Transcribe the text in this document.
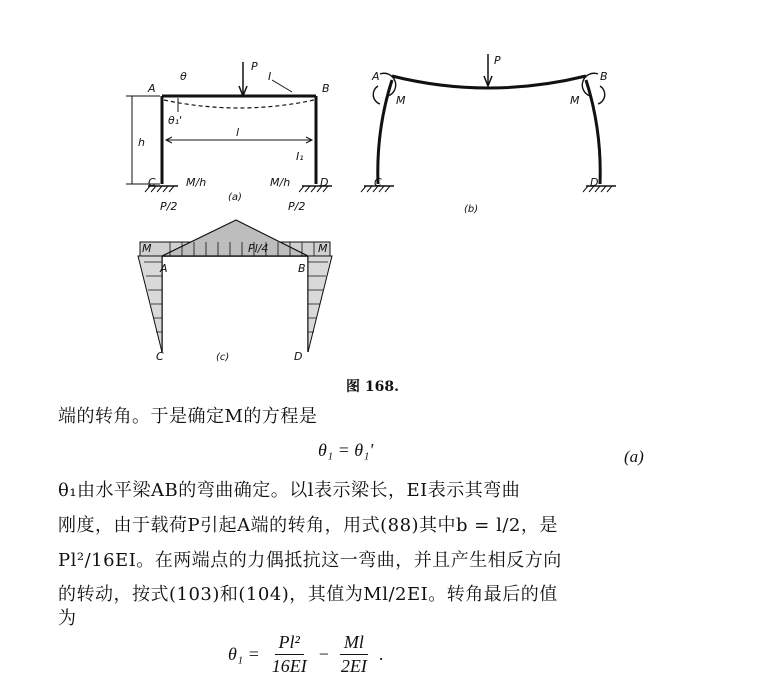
A	B
C	D
P
I
I₁
h
l
θ
θ₁'
M/h	M/h
P/2	P/2
(a)
A	B
C	D
P
M	M
(b)
M	M
A	B
C	D
Pl/4
(c)
图 168.
端的转角。于是确定M的方程是
θ₁ = θ₁'	(a)
θ₁由水平梁AB的弯曲确定。以l表示梁长，EI表示其弯曲
刚度，由于载荷P引起A端的转角，用式(88)其中b = l/2，是
Pl²/16EI。在两端点的力偶抵抗这一弯曲，并且产生相反方向
的转动，按式(103)和(104)，其值为Ml/2EI。转角最后的值
为
$\theta_1 = \frac{\text{Pl²}}{16EI} - \frac{Ml}{2EI}$ .
